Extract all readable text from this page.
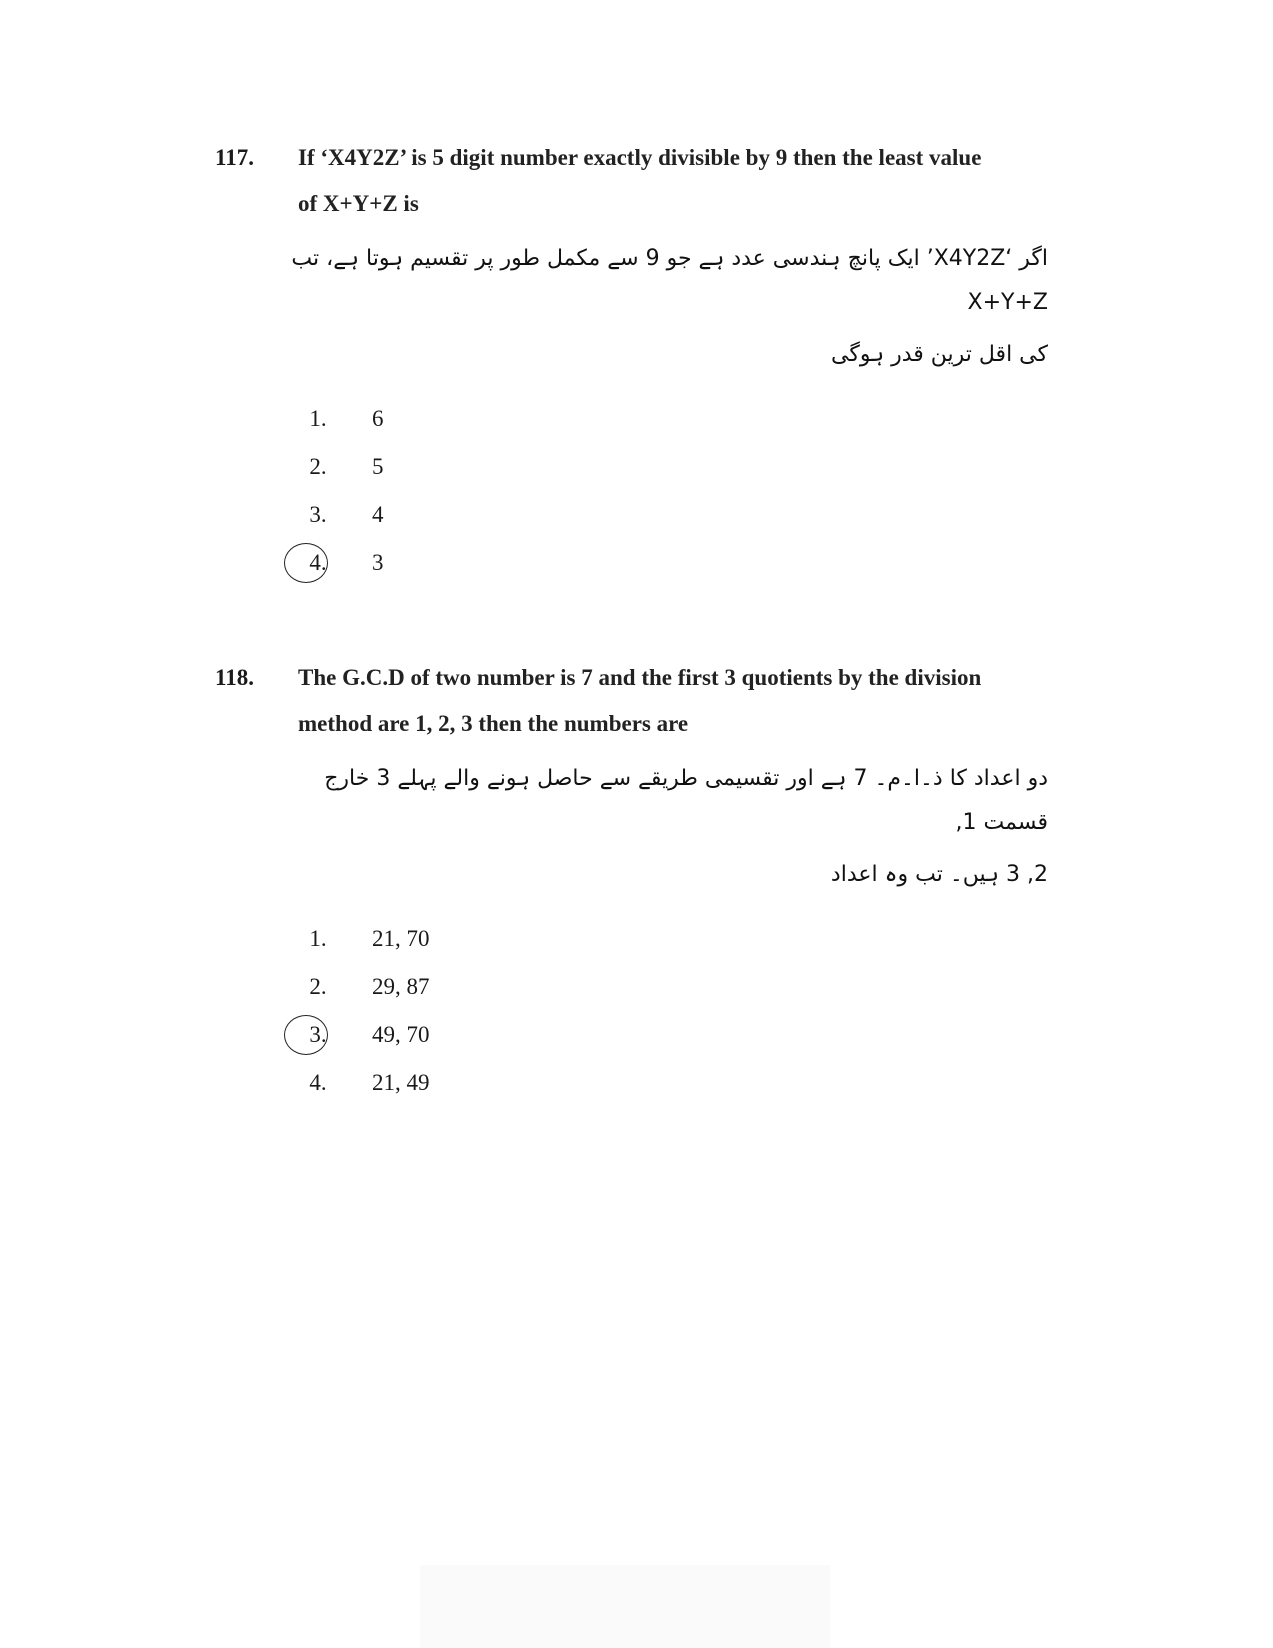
117.	If ‘X4Y2Z’ is 5 digit number exactly divisible by 9 then the least value of X+Y+Z is
اگر ‘X4Y2Z’ ایک پانچ ہندسی عدد ہے جو 9 سے مکمل طور پر تقسیم ہوتا ہے، تب X+Y+Z
کی اقل ترین قدر ہوگی
1.	6
2.	5
3.	4
4.	3
118.	The G.C.D of two number is 7 and the first 3 quotients by the division method are 1, 2, 3 then the numbers are
دو اعداد کا ذ۔ا۔م۔ 7 ہے اور تقسیمی طریقے سے حاصل ہونے والے پہلے 3 خارج قسمت 1,
2, 3 ہیں۔ تب وہ اعداد
1.	21, 70
2.	29, 87
3.	49, 70
4.	21, 49
